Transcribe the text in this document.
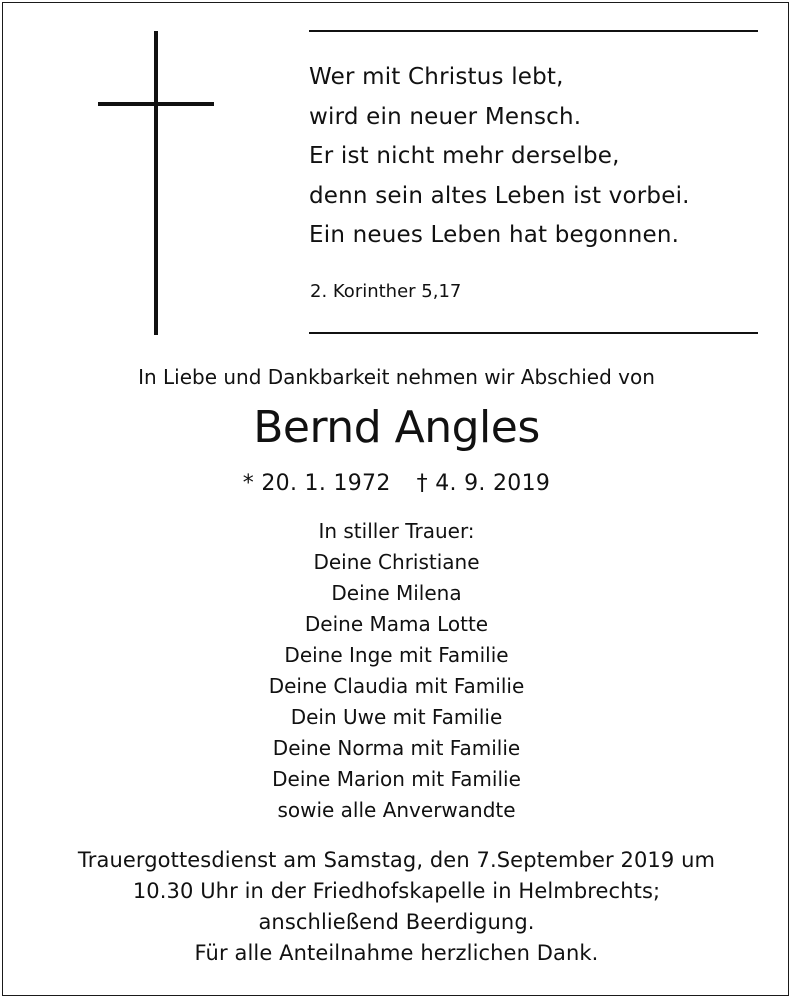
Wer mit Christus lebt,
wird ein neuer Mensch.
Er ist nicht mehr derselbe,
denn sein altes Leben ist vorbei.
Ein neues Leben hat begonnen.
2. Korinther 5,17
In Liebe und Dankbarkeit nehmen wir Abschied von
Bernd Angles
* 20. 1. 1972 † 4. 9. 2019
In stiller Trauer:
Deine Christiane
Deine Milena
Deine Mama Lotte
Deine Inge mit Familie
Deine Claudia mit Familie
Dein Uwe mit Familie
Deine Norma mit Familie
Deine Marion mit Familie
sowie alle Anverwandte
Trauergottesdienst am Samstag, den 7.September 2019 um
10.30 Uhr in der Friedhofskapelle in Helmbrechts;
anschließend Beerdigung.
Für alle Anteilnahme herzlichen Dank.
